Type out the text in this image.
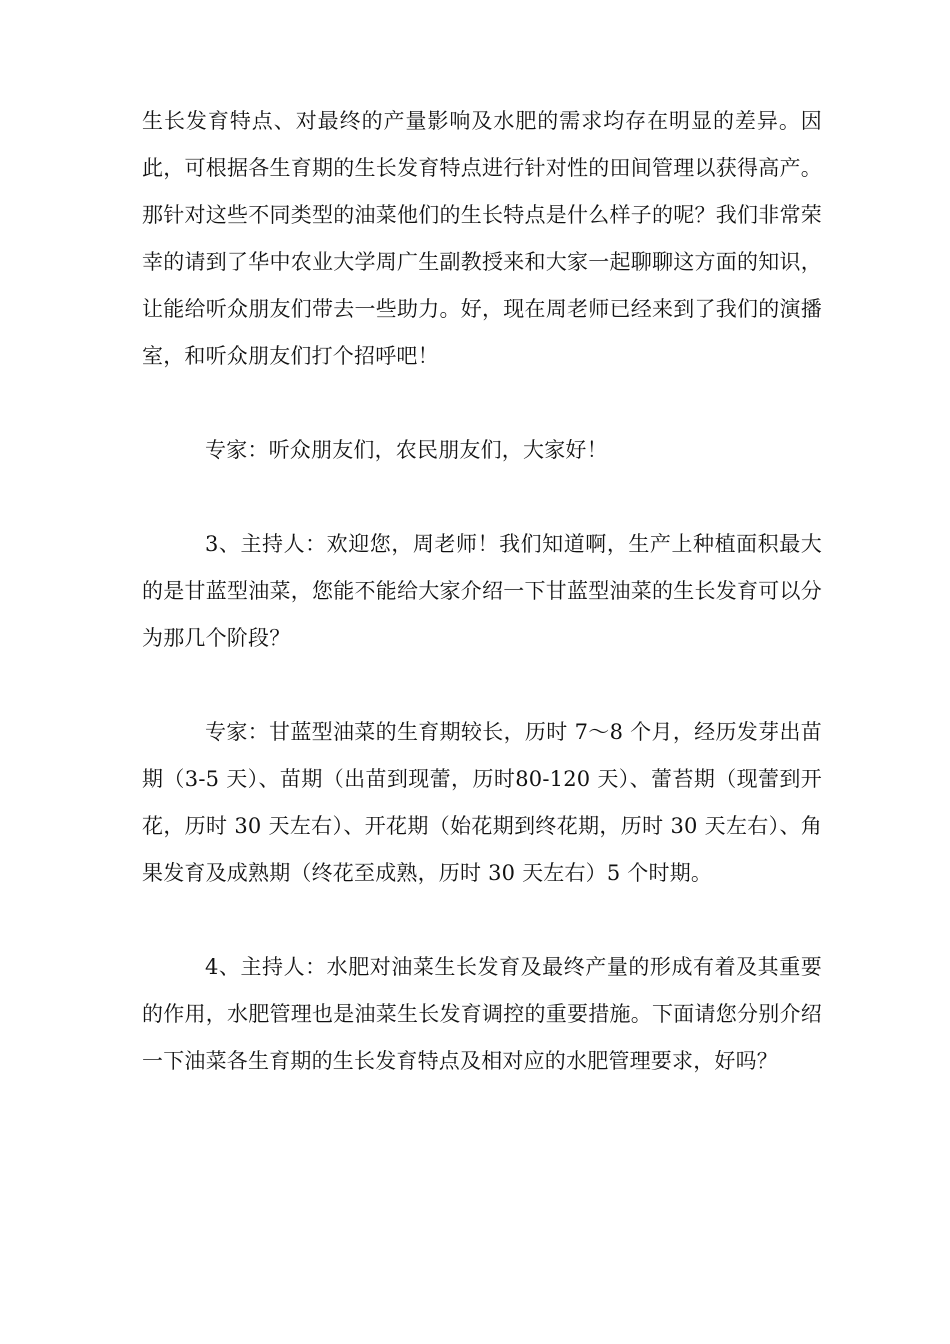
生长发育特点、对最终的产量影响及水肥的需求均存在明显的差异。因此，可根据各生育期的生长发育特点进行针对性的田间管理以获得高产。那针对这些不同类型的油菜他们的生长特点是什么样子的呢？我们非常荣幸的请到了华中农业大学周广生副教授来和大家一起聊聊这方面的知识，让能给听众朋友们带去一些助力。好，现在周老师已经来到了我们的演播室，和听众朋友们打个招呼吧！

专家：听众朋友们，农民朋友们，大家好！

3、主持人：欢迎您，周老师！我们知道啊，生产上种植面积最大的是甘蓝型油菜，您能不能给大家介绍一下甘蓝型油菜的生长发育可以分为那几个阶段？

专家：甘蓝型油菜的生育期较长，历时 7～8 个月，经历发芽出苗期（3-5 天）、苗期（出苗到现蕾，历时80-120 天）、蕾苔期（现蕾到开花，历时 30 天左右）、开花期（始花期到终花期，历时 30 天左右）、角果发育及成熟期（终花至成熟，历时 30 天左右）5 个时期。

4、主持人：水肥对油菜生长发育及最终产量的形成有着及其重要的作用，水肥管理也是油菜生长发育调控的重要措施。下面请您分别介绍一下油菜各生育期的生长发育特点及相对应的水肥管理要求，好吗？
